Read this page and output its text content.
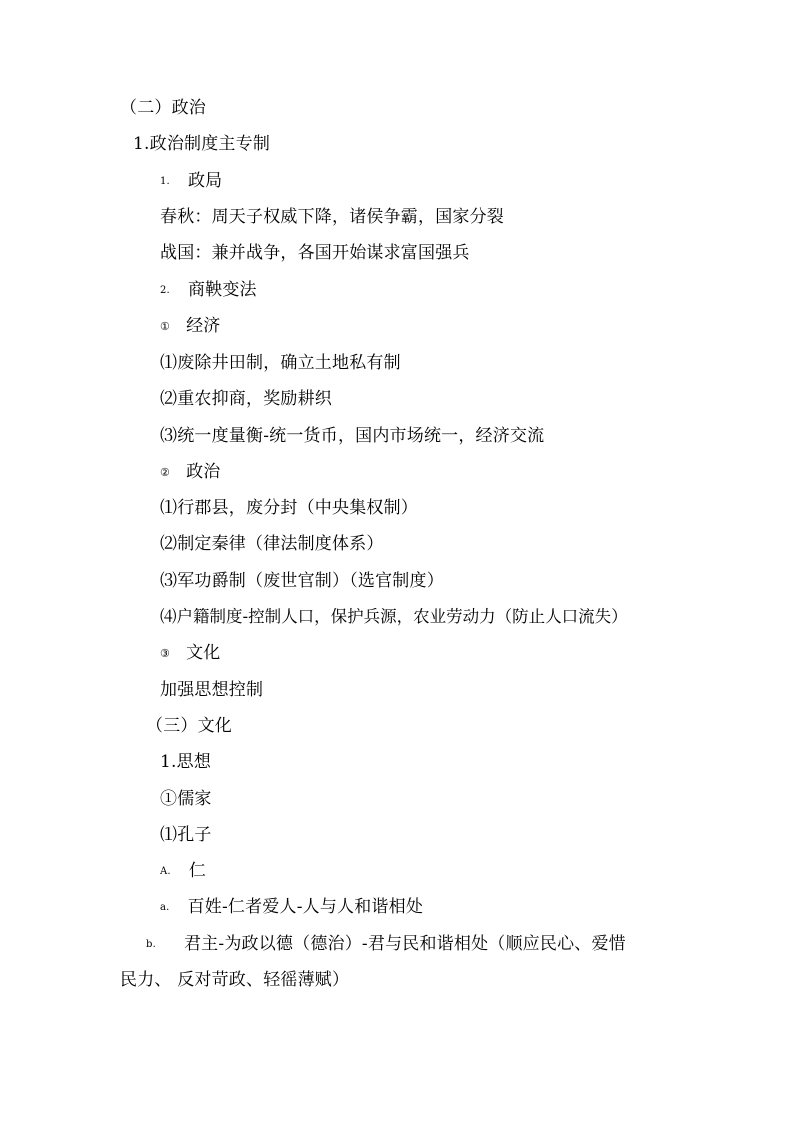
（二）政治
1.政治制度主专制
1. 政局
春秋：周天子权威下降，诸侯争霸，国家分裂
战国：兼并战争，各国开始谋求富国强兵
2. 商鞅变法
① 经济
⑴废除井田制，确立土地私有制
⑵重农抑商，奖励耕织
⑶统一度量衡-统一货币，国内市场统一，经济交流
② 政治
⑴行郡县，废分封（中央集权制）
⑵制定秦律（律法制度体系）
⑶军功爵制（废世官制）（选官制度）
⑷户籍制度-控制人口，保护兵源，农业劳动力（防止人口流失）
③ 文化
加强思想控制
（三）文化
1.思想
①儒家
⑴孔子
A. 仁
a. 百姓-仁者爱人-人与人和谐相处
b. 君主-为政以德（德治）-君与民和谐相处（顺应民心、爱惜
民力、 反对苛政、轻徭薄赋）
